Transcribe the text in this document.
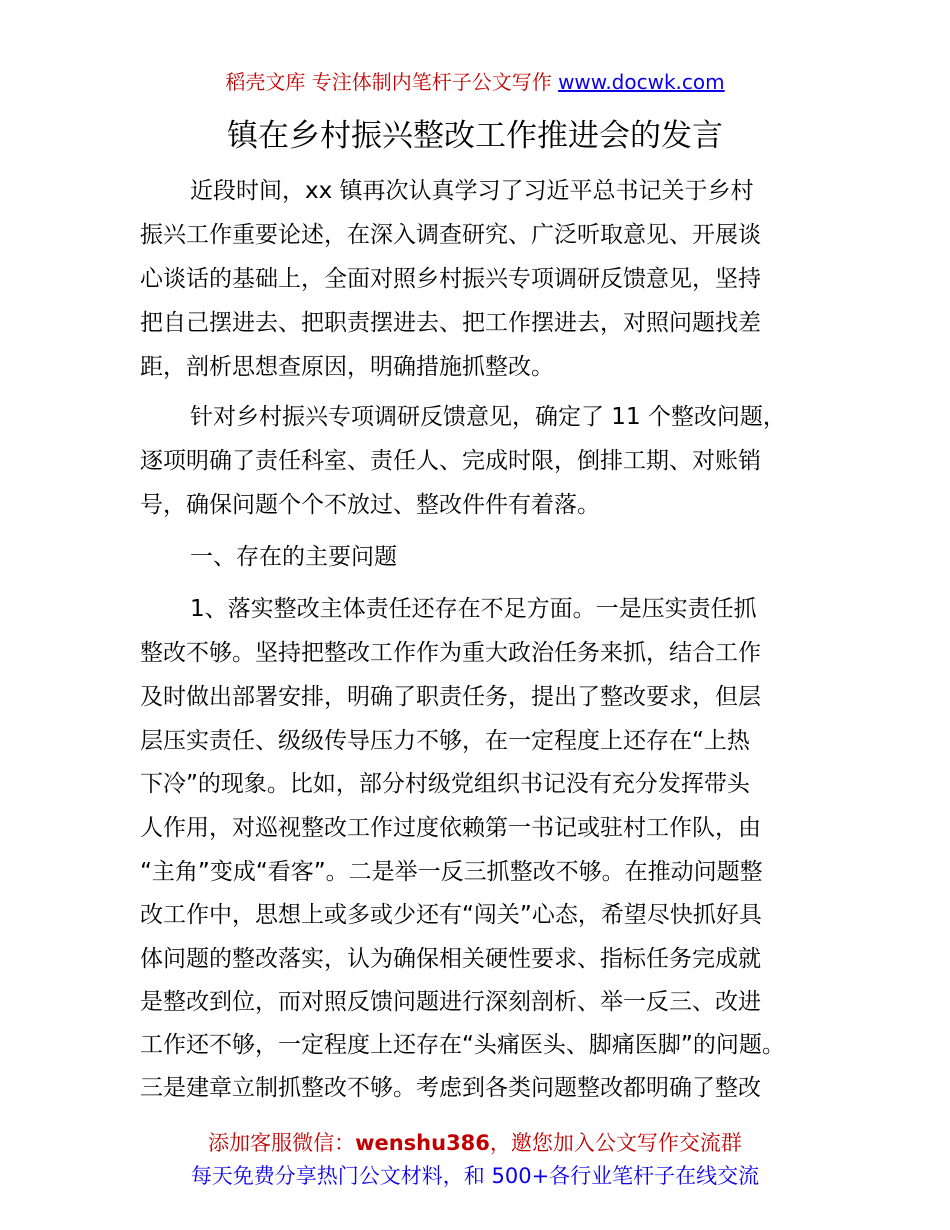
稻壳文库 专注体制内笔杆子公文写作 www.docwk.com
镇在乡村振兴整改工作推进会的发言
近段时间，xx 镇再次认真学习了习近平总书记关于乡村
振兴工作重要论述，在深入调查研究、广泛听取意见、开展谈
心谈话的基础上，全面对照乡村振兴专项调研反馈意见，坚持
把自己摆进去、把职责摆进去、把工作摆进去，对照问题找差
距，剖析思想查原因，明确措施抓整改。
针对乡村振兴专项调研反馈意见，确定了 11 个整改问题，
逐项明确了责任科室、责任人、完成时限，倒排工期、对账销
号，确保问题个个不放过、整改件件有着落。
一、存在的主要问题
1、落实整改主体责任还存在不足方面。一是压实责任抓
整改不够。坚持把整改工作作为重大政治任务来抓，结合工作
及时做出部署安排，明确了职责任务，提出了整改要求，但层
层压实责任、级级传导压力不够，在一定程度上还存在“上热
下冷”的现象。比如，部分村级党组织书记没有充分发挥带头
人作用，对巡视整改工作过度依赖第一书记或驻村工作队，由
“主角”变成“看客”。二是举一反三抓整改不够。在推动问题整
改工作中，思想上或多或少还有“闯关”心态，希望尽快抓好具
体问题的整改落实，认为确保相关硬性要求、指标任务完成就
是整改到位，而对照反馈问题进行深刻剖析、举一反三、改进
工作还不够，一定程度上还存在“头痛医头、脚痛医脚”的问题。
三是建章立制抓整改不够。考虑到各类问题整改都明确了整改
添加客服微信：wenshu386，邀您加入公文写作交流群
每天免费分享热门公文材料，和 500+各行业笔杆子在线交流
